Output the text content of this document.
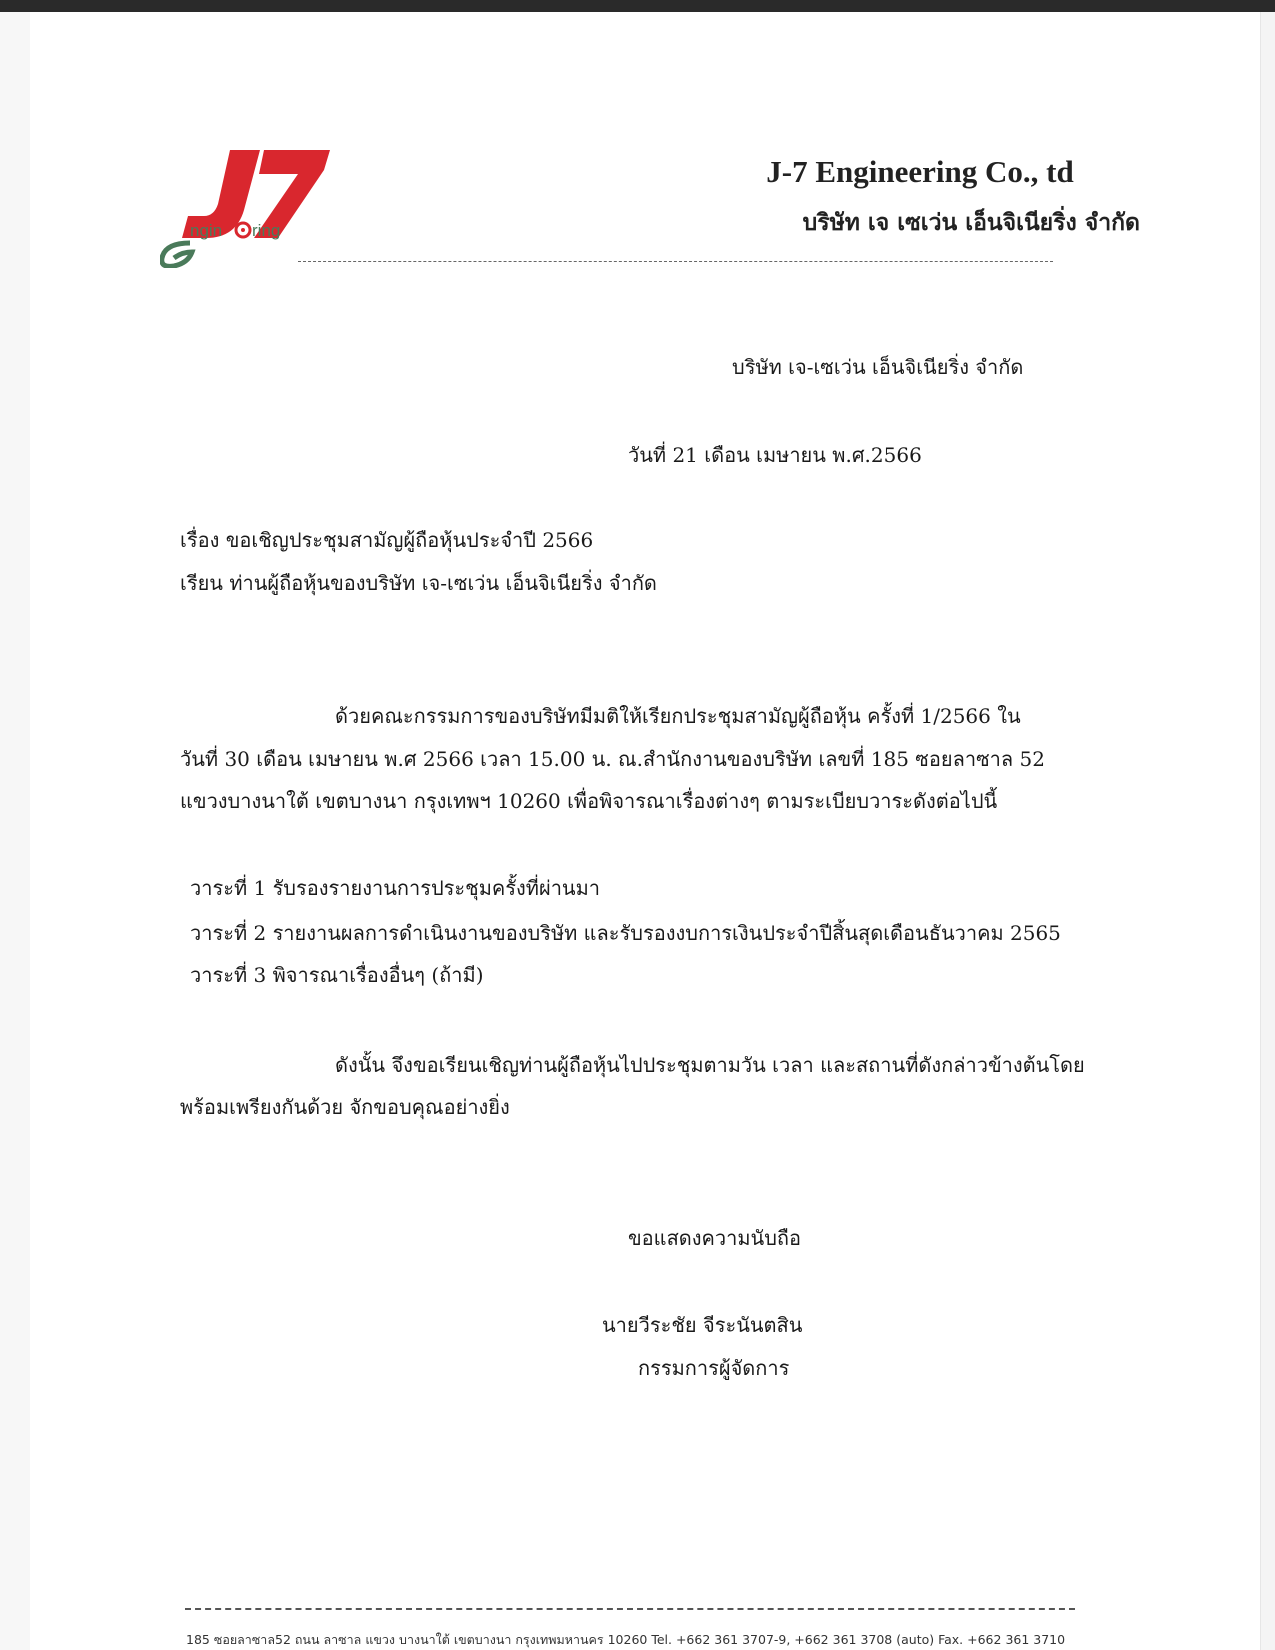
ngin ring
J-7 Engineering Co., td
บริษัท เจ เซเว่น เอ็นจิเนียริ่ง จำกัด
บริษัท เจ-เซเว่น เอ็นจิเนียริ่ง จำกัด
วันที่ 21 เดือน เมษายน พ.ศ.2566
เรื่อง ขอเชิญประชุมสามัญผู้ถือหุ้นประจำปี 2566
เรียน ท่านผู้ถือหุ้นของบริษัท เจ-เซเว่น เอ็นจิเนียริ่ง จำกัด
ด้วยคณะกรรมการของบริษัทมีมติให้เรียกประชุมสามัญผู้ถือหุ้น ครั้งที่ 1/2566 ใน
วันที่ 30 เดือน เมษายน พ.ศ 2566 เวลา 15.00 น. ณ.สำนักงานของบริษัท เลขที่ 185 ซอยลาซาล 52
แขวงบางนาใต้ เขตบางนา กรุงเทพฯ 10260 เพื่อพิจารณาเรื่องต่างๆ ตามระเบียบวาระดังต่อไปนี้
วาระที่ 1 รับรองรายงานการประชุมครั้งที่ผ่านมา
วาระที่ 2 รายงานผลการดำเนินงานของบริษัท และรับรองงบการเงินประจำปีสิ้นสุดเดือนธันวาคม 2565
วาระที่ 3 พิจารณาเรื่องอื่นๆ (ถ้ามี)
ดังนั้น จึงขอเรียนเชิญท่านผู้ถือหุ้นไปประชุมตามวัน เวลา และสถานที่ดังกล่าวข้างต้นโดย
พร้อมเพรียงกันด้วย จักขอบคุณอย่างยิ่ง
ขอแสดงความนับถือ
นายวีระชัย จีระนันตสิน
กรรมการผู้จัดการ
185 ซอยลาซาล52 ถนน ลาซาล แขวง บางนาใต้ เขตบางนา กรุงเทพมหานคร 10260 Tel. +662 361 3707-9, +662 361 3708 (auto) Fax. +662 361 3710
